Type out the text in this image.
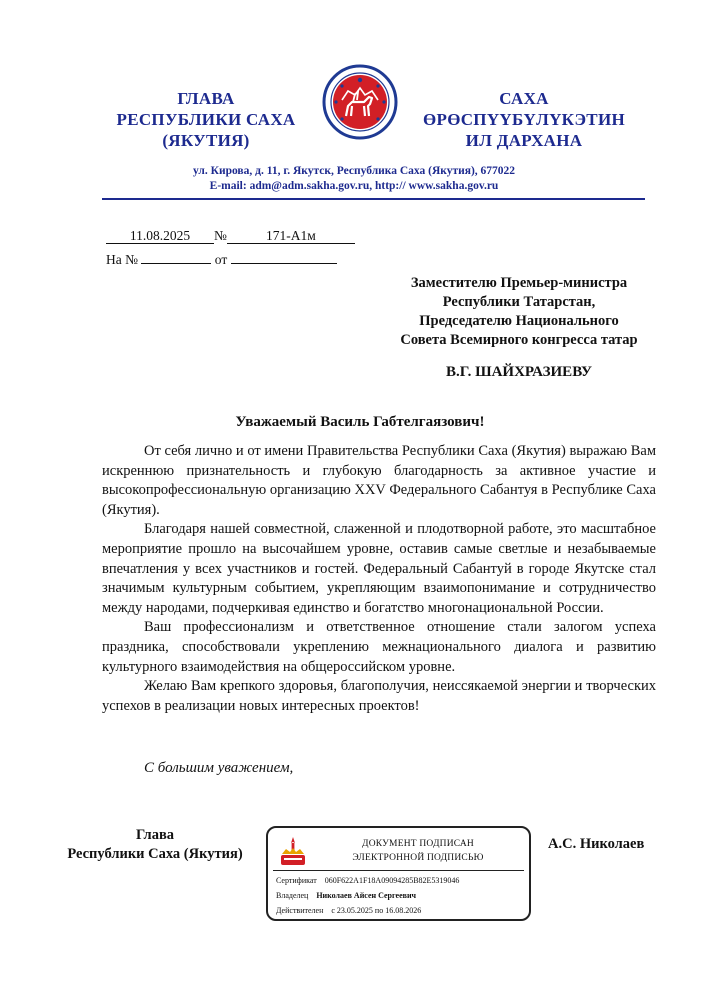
ГЛАВА
РЕСПУБЛИКИ САХА
(ЯКУТИЯ)
САХА
ӨРӨСПҮҮБҮЛҮКЭТИН
ИЛ ДАРХАНА
ул. Кирова, д. 11, г. Якутск, Республика Саха (Якутия), 677022
E-mail: adm@adm.sakha.gov.ru, http:// www.sakha.gov.ru
11.08.2025 №	171-А1м
На №	от
Заместителю Премьер-министра
Республики Татарстан,
Председателю Национального
Совета Всемирного конгресса татар
В.Г. ШАЙХРАЗИЕВУ
Уважаемый Василь Габтелгаязович!

От себя лично и от имени Правительства Республики Саха (Якутия) выражаю Вам искреннюю признательность и глубокую благодарность за активное участие и высокопрофессиональную организацию XXV Федерального Сабантуя в Республике Саха (Якутия).

Благодаря нашей совместной, слаженной и плодотворной работе, это масштабное мероприятие прошло на высочайшем уровне, оставив самые светлые и незабываемые впечатления у всех участников и гостей. Федеральный Сабантуй в городе Якутске стал значимым культурным событием, укрепляющим взаимопонимание и сотрудничество между народами, подчеркивая единство и богатство многонациональной России.

Ваш профессионализм и ответственное отношение стали залогом успеха праздника, способствовали укреплению межнационального диалога и развитию культурного взаимодействия на общероссийском уровне.

Желаю Вам крепкого здоровья, благополучия, неиссякаемой энергии и творческих успехов в реализации новых интересных проектов!

С большим уважением,
Глава
Республики Саха (Якутия)
ДОКУМЕНТ ПОДПИСАН
ЭЛЕКТРОННОЙ ПОДПИСЬЮ
Сертификат 060F622A1F18A09094285B82E5319046
Владелец Николаев Айсен Сергеевич
Действителен с 23.05.2025 по 16.08.2026
А.С. Николаев
